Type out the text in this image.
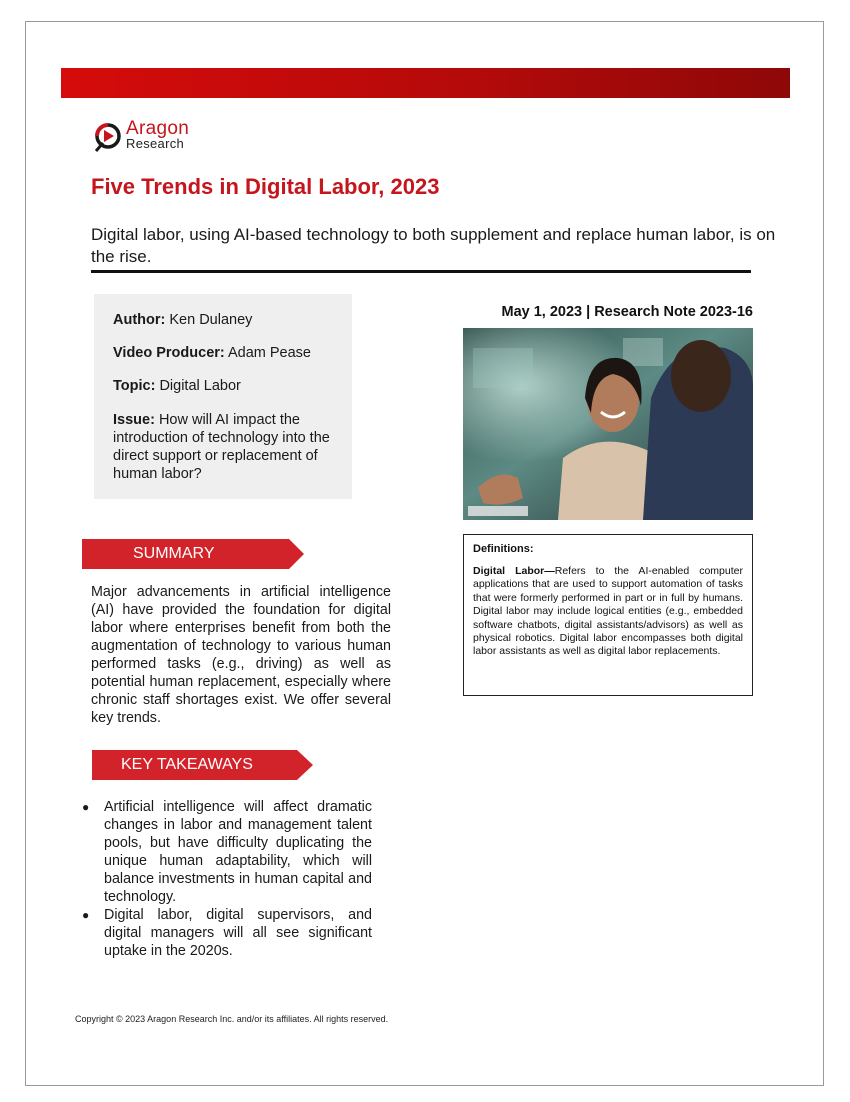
Aragon
Research
Five Trends in Digital Labor, 2023

Digital labor, using AI-based technology to both supplement and replace human labor, is on the rise.

Author: Ken Dulaney
Video Producer: Adam Pease
Topic: Digital Labor
Issue: How will AI impact the introduction of technology into the direct support or replacement of human labor?
May 1, 2023 | Research Note 2023-16
Definitions:
Digital Labor—Refers to the AI-enabled computer applications that are used to support automation of tasks that were formerly performed in part or in full by humans. Digital labor may include logical entities (e.g., embedded software chatbots, digital assistants/advisors) as well as physical robotics. Digital labor encompasses both digital labor assistants as well as digital labor replacements.
SUMMARY

Major advancements in artificial intelligence (AI) have provided the foundation for digital labor where enterprises benefit from both the augmentation of technology to various human performed tasks (e.g., driving) as well as potential human replacement, especially where chronic staff shortages exist. We offer several key trends.

KEY TAKEAWAYS
● Artificial intelligence will affect dramatic changes in labor and management talent pools, but have difficulty duplicating the unique human adaptability, which will balance investments in human capital and technology.
● Digital labor, digital supervisors, and digital managers will all see significant uptake in the 2020s.
Copyright © 2023 Aragon Research Inc. and/or its affiliates. All rights reserved.
